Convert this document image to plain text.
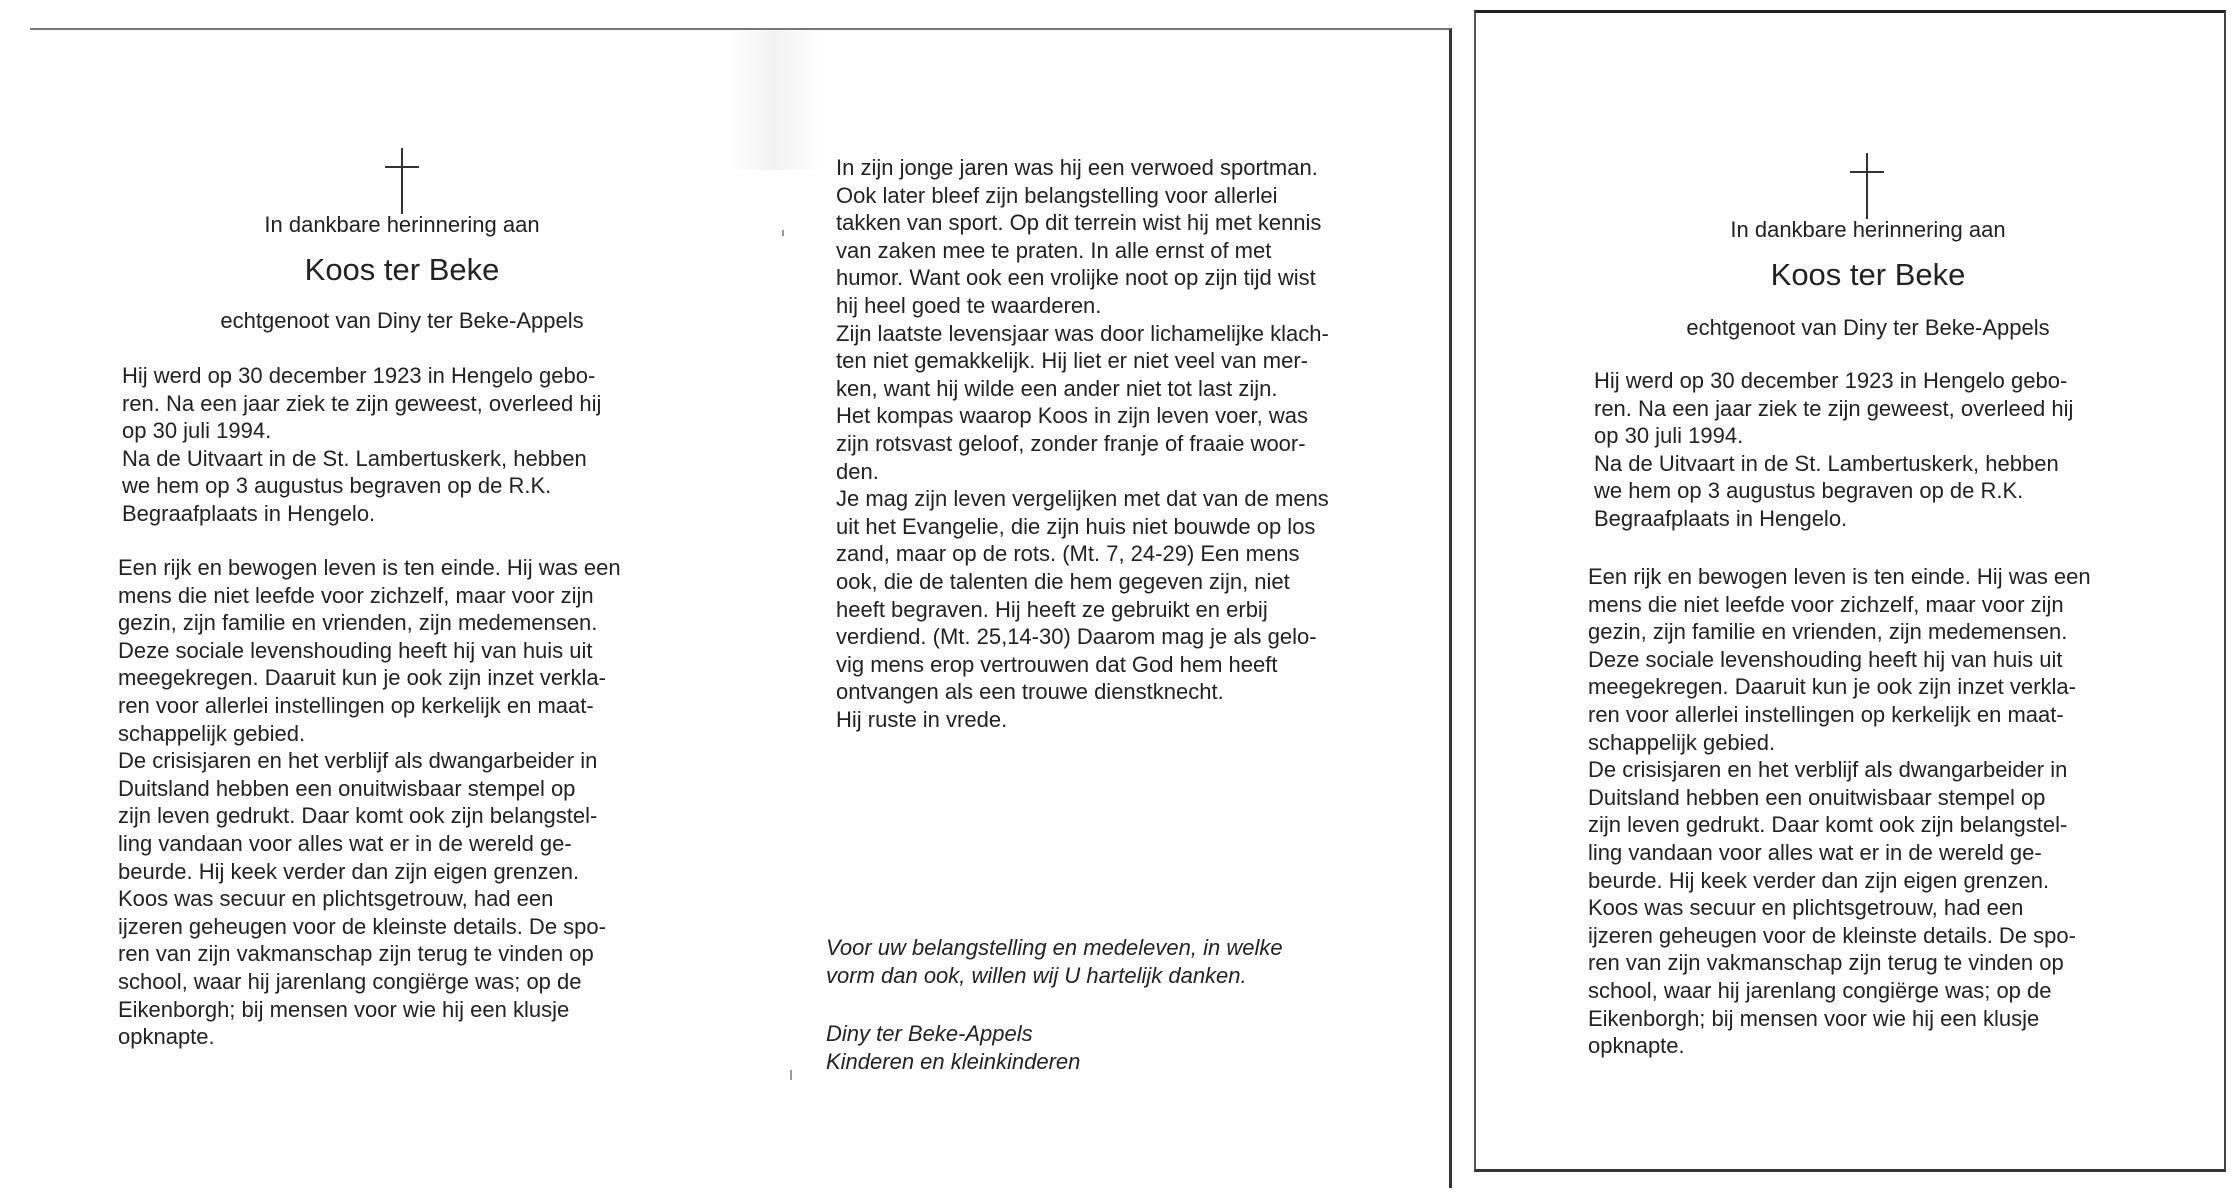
In dankbare herinnering aan
Koos ter Beke
echtgenoot van Diny ter Beke-Appels

Hij werd op 30 december 1923 in Hengelo gebo-
ren. Na een jaar ziek te zijn geweest, overleed hij
op 30 juli 1994.
Na de Uitvaart in de St. Lambertuskerk, hebben
we hem op 3 augustus begraven op de R.K.
Begraafplaats in Hengelo.

Een rijk en bewogen leven is ten einde. Hij was een
mens die niet leefde voor zichzelf, maar voor zijn
gezin, zijn familie en vrienden, zijn medemensen.
Deze sociale levenshouding heeft hij van huis uit
meegekregen. Daaruit kun je ook zijn inzet verkla-
ren voor allerlei instellingen op kerkelijk en maat-
schappelijk gebied.
De crisisjaren en het verblijf als dwangarbeider in
Duitsland hebben een onuitwisbaar stempel op
zijn leven gedrukt. Daar komt ook zijn belangstel-
ling vandaan voor alles wat er in de wereld ge-
beurde. Hij keek verder dan zijn eigen grenzen.
Koos was secuur en plichtsgetrouw, had een
ijzeren geheugen voor de kleinste details. De spo-
ren van zijn vakmanschap zijn terug te vinden op
school, waar hij jarenlang congiërge was; op de
Eikenborgh; bij mensen voor wie hij een klusje
opknapte.

In zijn jonge jaren was hij een verwoed sportman.
Ook later bleef zijn belangstelling voor allerlei
takken van sport. Op dit terrein wist hij met kennis
van zaken mee te praten. In alle ernst of met
humor. Want ook een vrolijke noot op zijn tijd wist
hij heel goed te waarderen.
Zijn laatste levensjaar was door lichamelijke klach-
ten niet gemakkelijk. Hij liet er niet veel van mer-
ken, want hij wilde een ander niet tot last zijn.
Het kompas waarop Koos in zijn leven voer, was
zijn rotsvast geloof, zonder franje of fraaie woor-
den.
Je mag zijn leven vergelijken met dat van de mens
uit het Evangelie, die zijn huis niet bouwde op los
zand, maar op de rots. (Mt. 7, 24-29) Een mens
ook, die de talenten die hem gegeven zijn, niet
heeft begraven. Hij heeft ze gebruikt en erbij
verdiend. (Mt. 25,14-30) Daarom mag je als gelo-
vig mens erop vertrouwen dat God hem heeft
ontvangen als een trouwe dienstknecht.
Hij ruste in vrede.

Voor uw belangstelling en medeleven, in welke
vorm dan ook, willen wij U hartelijk danken.

Diny ter Beke-Appels
Kinderen en kleinkinderen

In dankbare herinnering aan
Koos ter Beke
echtgenoot van Diny ter Beke-Appels

Hij werd op 30 december 1923 in Hengelo gebo-
ren. Na een jaar ziek te zijn geweest, overleed hij
op 30 juli 1994.
Na de Uitvaart in de St. Lambertuskerk, hebben
we hem op 3 augustus begraven op de R.K.
Begraafplaats in Hengelo.

Een rijk en bewogen leven is ten einde. Hij was een
mens die niet leefde voor zichzelf, maar voor zijn
gezin, zijn familie en vrienden, zijn medemensen.
Deze sociale levenshouding heeft hij van huis uit
meegekregen. Daaruit kun je ook zijn inzet verkla-
ren voor allerlei instellingen op kerkelijk en maat-
schappelijk gebied.
De crisisjaren en het verblijf als dwangarbeider in
Duitsland hebben een onuitwisbaar stempel op
zijn leven gedrukt. Daar komt ook zijn belangstel-
ling vandaan voor alles wat er in de wereld ge-
beurde. Hij keek verder dan zijn eigen grenzen.
Koos was secuur en plichtsgetrouw, had een
ijzeren geheugen voor de kleinste details. De spo-
ren van zijn vakmanschap zijn terug te vinden op
school, waar hij jarenlang congiërge was; op de
Eikenborgh; bij mensen voor wie hij een klusje
opknapte.
